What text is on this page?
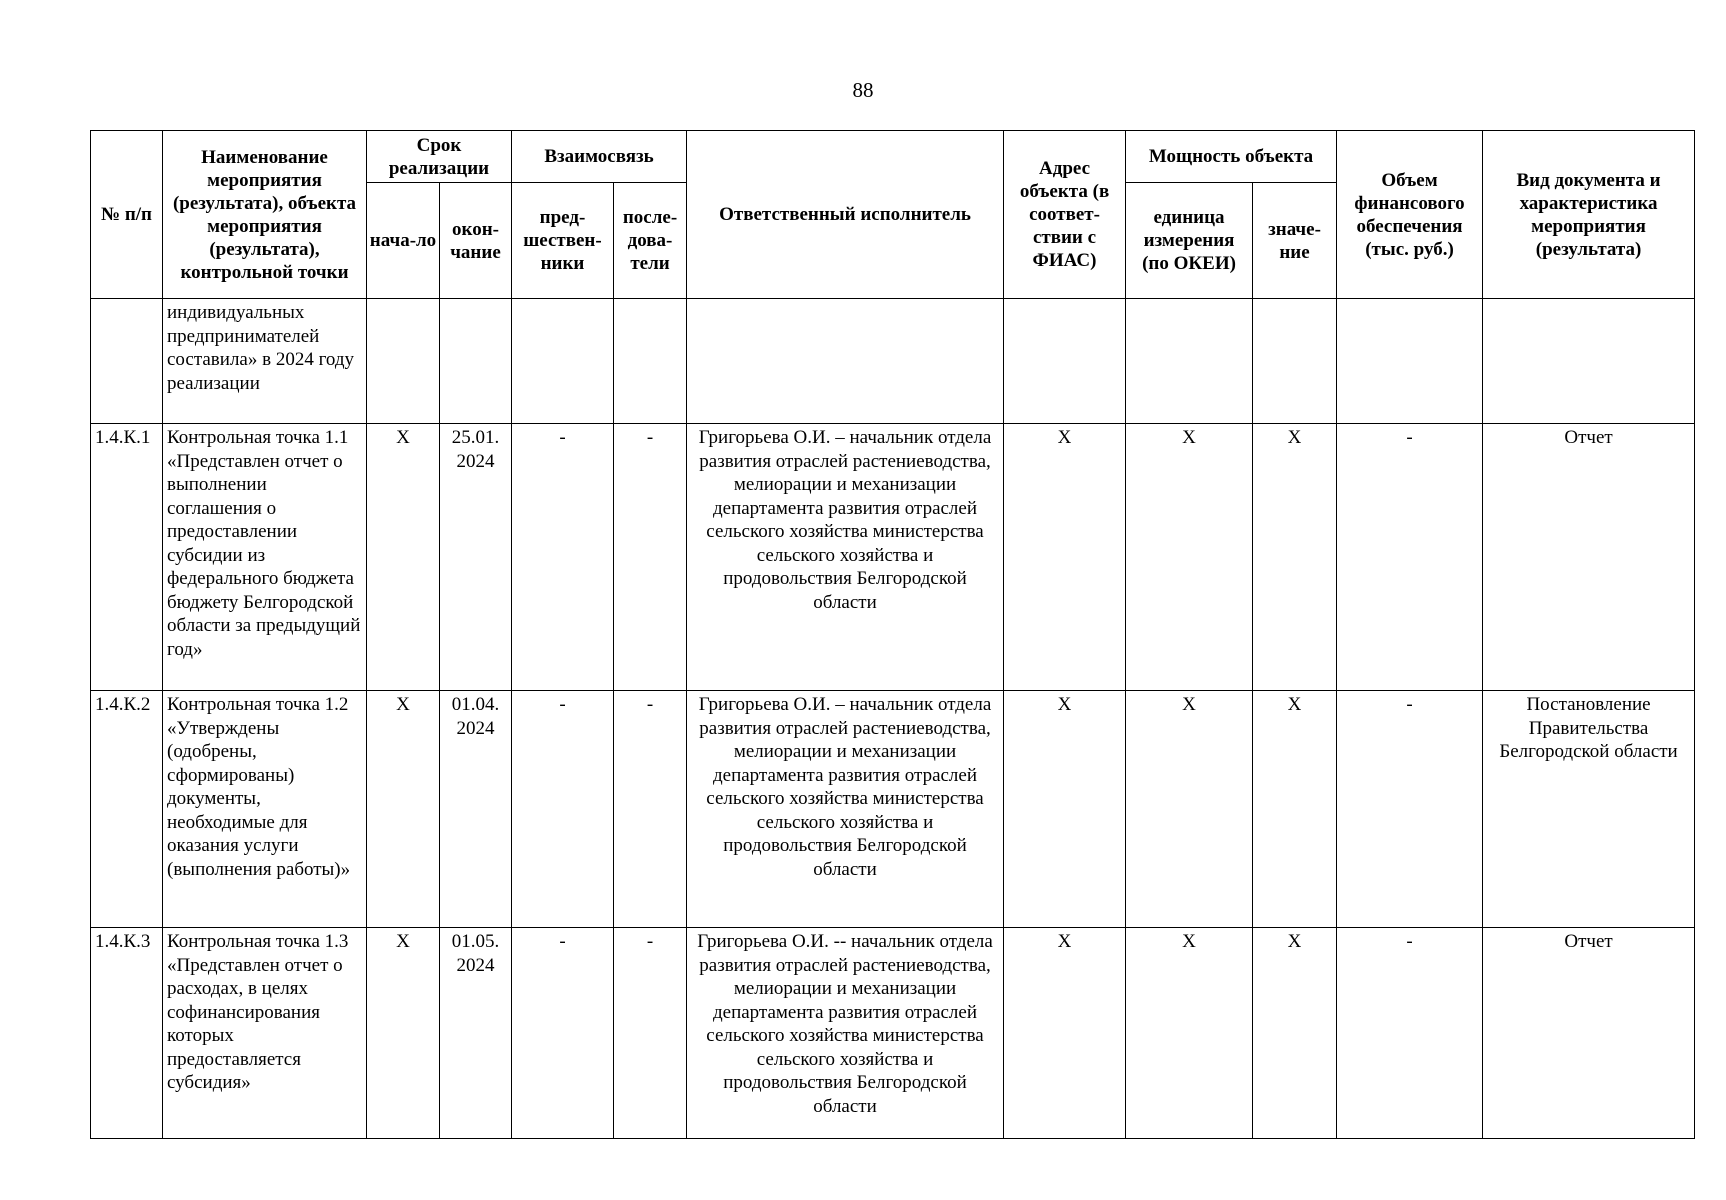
88
№ п/п	Наименование мероприятия (результата), объекта мероприятия (результата), контрольной точки	Срок реализации		Взаимосвязь		Ответственный исполнитель	Адрес объекта (в соответ-ствии с ФИАС)	Мощность объекта		Объем финансового обеспечения (тыс. руб.)	Вид документа и характеристика мероприятия (результата)
		нача-ло	окон-чание	пред-шествен-ники	после-дова-тели			единица измерения (по ОКЕИ)	значе-ние		
	индивидуальных предпринимателей составила» в 2024 году реализации										
1.4.К.1	Контрольная точка 1.1 «Представлен отчет о выполнении соглашения о предоставлении субсидии из федерального бюджета бюджету Белгородской области за предыдущий год»	X	25.01. 2024	-	-	Григорьева О.И. – начальник отдела развития отраслей растениеводства, мелиорации и механизации департамента развития отраслей сельского хозяйства министерства сельского хозяйства и продовольствия Белгородской области	X	X	X	-	Отчет
1.4.К.2	Контрольная точка 1.2 «Утверждены (одобрены, сформированы) документы, необходимые для оказания услуги (выполнения работы)»	X	01.04. 2024	-	-	Григорьева О.И. – начальник отдела развития отраслей растениеводства, мелиорации и механизации департамента развития отраслей сельского хозяйства министерства сельского хозяйства и продовольствия Белгородской области	X	X	X	-	Постановление Правительства Белгородской области
1.4.К.3	Контрольная точка 1.3 «Представлен отчет о расходах, в целях софинансирования которых предоставляется субсидия»	X	01.05. 2024	-	-	Григорьева О.И. -- начальник отдела развития отраслей растениеводства, мелиорации и механизации департамента развития отраслей сельского хозяйства министерства сельского хозяйства и продовольствия Белгородской области	X	X	X	-	Отчет
